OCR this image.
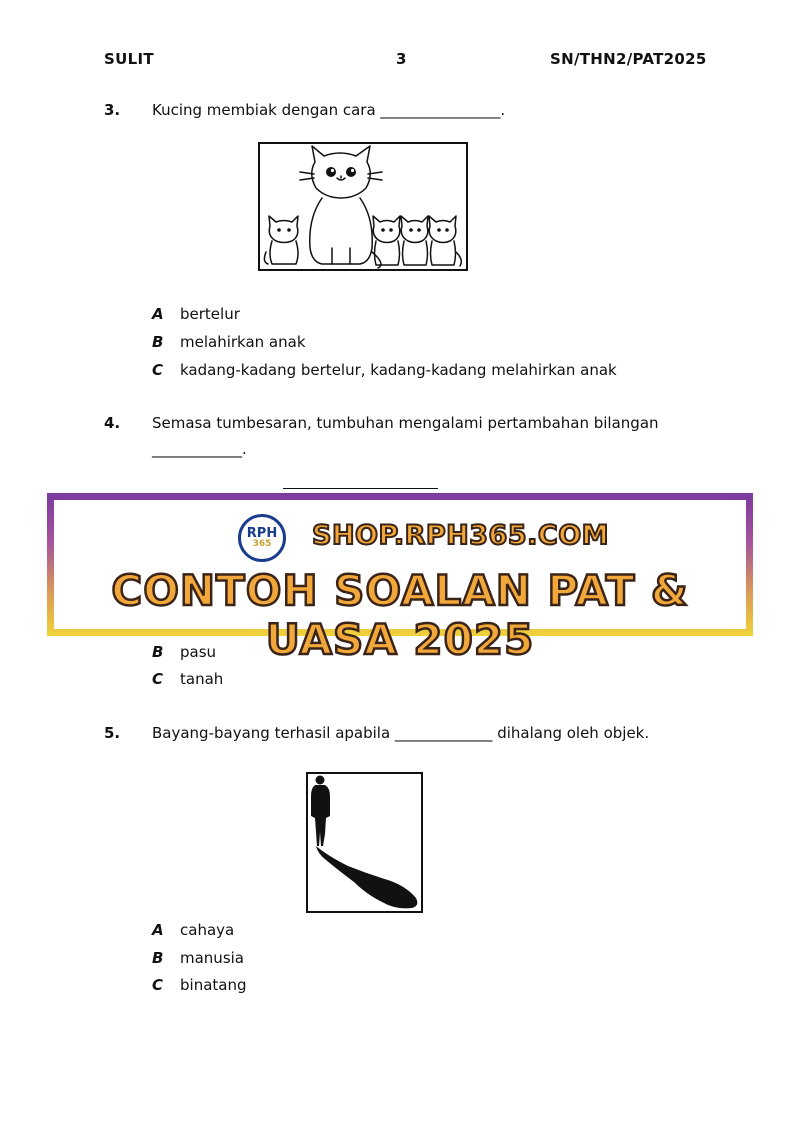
SULIT	3	SN/THN2/PAT2025
3. Kucing membiak dengan cara ________________.
A	bertelur
B	melahirkan anak
C	kadang-kadang bertelur, kadang-kadang melahirkan anak
4. Semasa tumbesaran, tumbuhan mengalami pertambahan bilangan
____________.
RPH
365 SHOP.RPH365.COM
CONTOH SOALAN PAT & UASA 2025
B	pasu
C	tanah
5. Bayang-bayang terhasil apabila _____________ dihalang oleh objek.
A	cahaya
B	manusia
C	binatang
